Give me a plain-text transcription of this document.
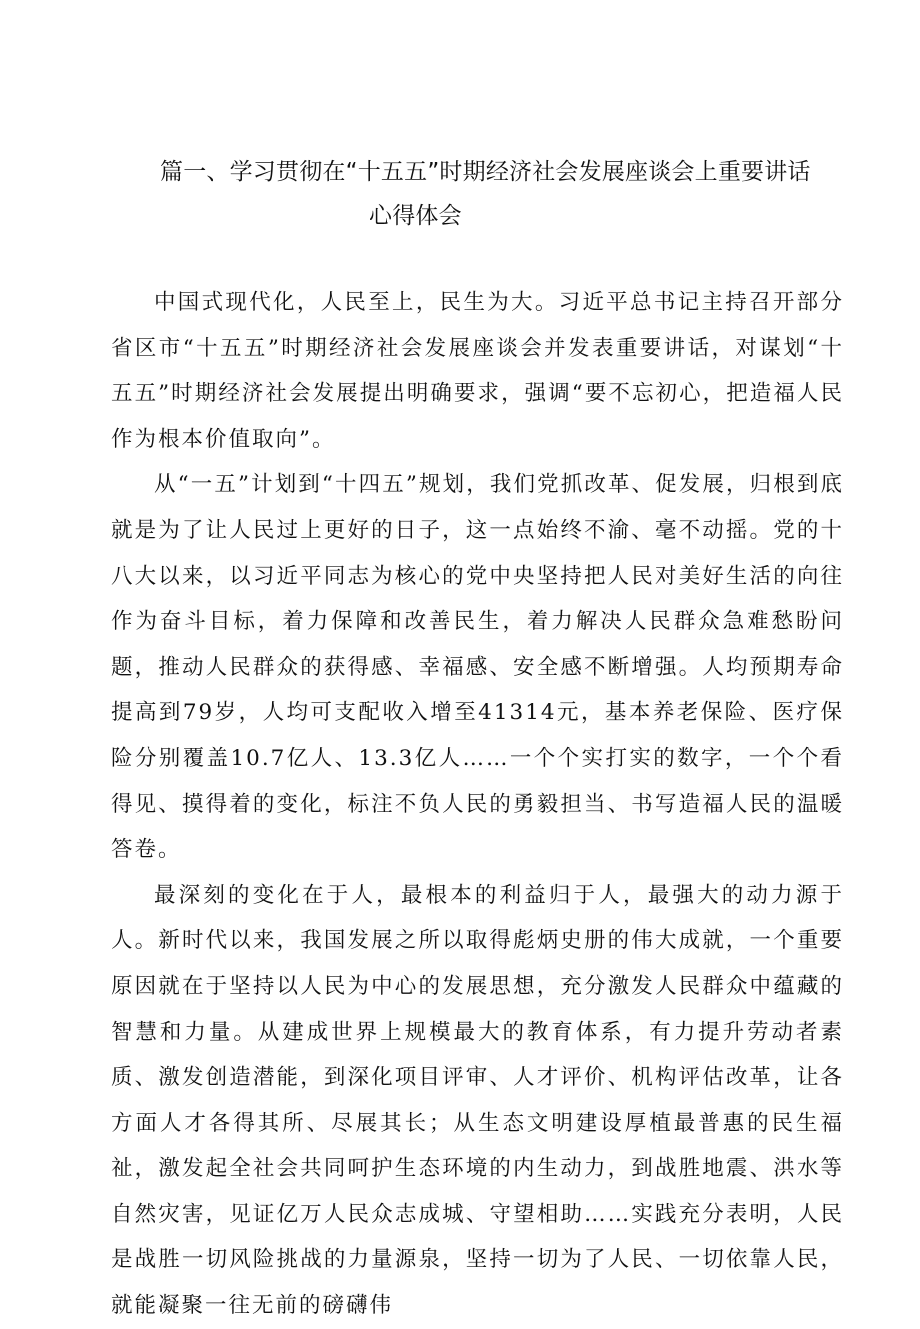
篇一、学习贯彻在“十五五”时期经济社会发展座谈会上重要讲话
心得体会

中国式现代化，人民至上，民生为大。习近平总书记主持召开部分省区市“十五五”时期经济社会发展座谈会并发表重要讲话，对谋划“十五五”时期经济社会发展提出明确要求，强调“要不忘初心，把造福人民作为根本价值取向”。

从“一五”计划到“十四五”规划，我们党抓改革、促发展，归根到底就是为了让人民过上更好的日子，这一点始终不渝、毫不动摇。党的十八大以来，以习近平同志为核心的党中央坚持把人民对美好生活的向往作为奋斗目标，着力保障和改善民生，着力解决人民群众急难愁盼问题，推动人民群众的获得感、幸福感、安全感不断增强。人均预期寿命提高到79岁，人均可支配收入增至41314元，基本养老保险、医疗保险分别覆盖10.7亿人、13.3亿人……一个个实打实的数字，一个个看得见、摸得着的变化，标注不负人民的勇毅担当、书写造福人民的温暖答卷。

最深刻的变化在于人，最根本的利益归于人，最强大的动力源于人。新时代以来，我国发展之所以取得彪炳史册的伟大成就，一个重要原因就在于坚持以人民为中心的发展思想，充分激发人民群众中蕴藏的智慧和力量。从建成世界上规模最大的教育体系，有力提升劳动者素质、激发创造潜能，到深化项目评审、人才评价、机构评估改革，让各方面人才各得其所、尽展其长；从生态文明建设厚植最普惠的民生福祉，激发起全社会共同呵护生态环境的内生动力，到战胜地震、洪水等自然灾害，见证亿万人民众志成城、守望相助……实践充分表明，人民是战胜一切风险挑战的力量源泉，坚持一切为了人民、一切依靠人民，就能凝聚一往无前的磅礴伟
